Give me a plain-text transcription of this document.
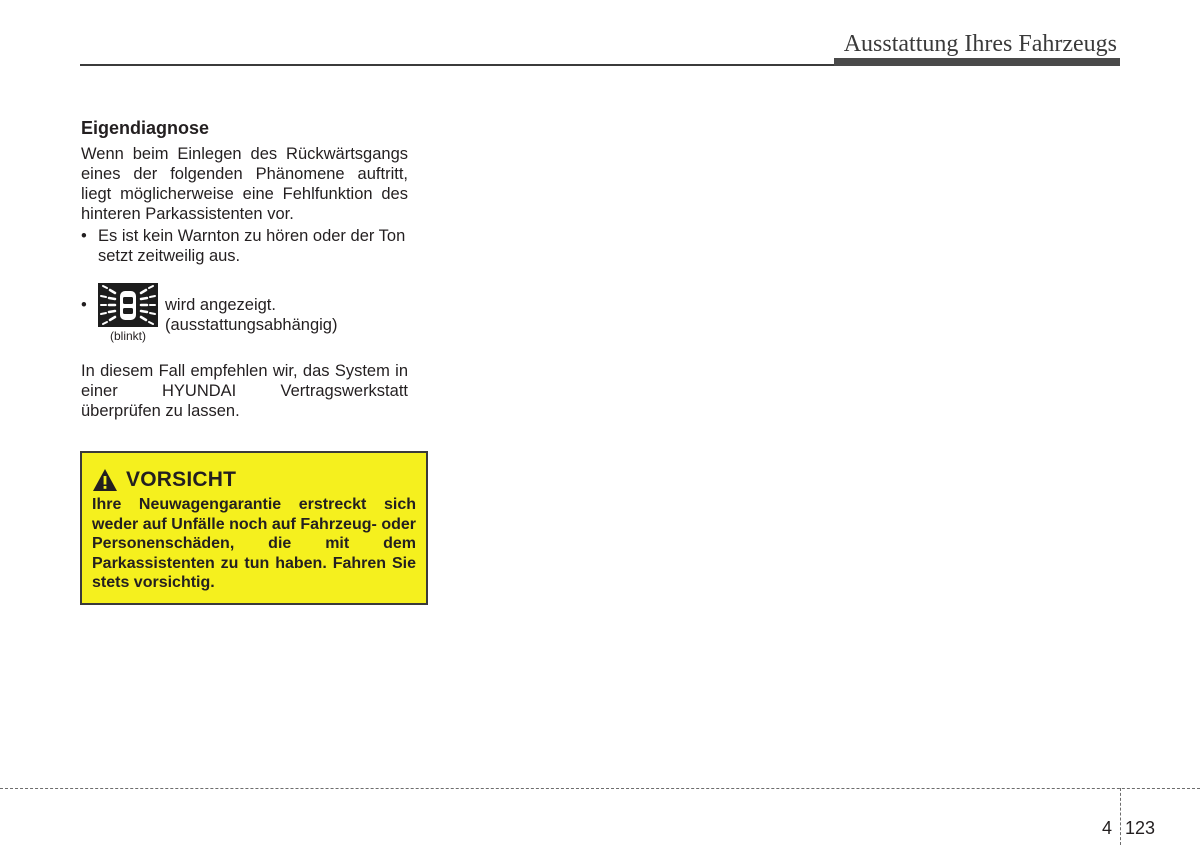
Ausstattung Ihres Fahrzeugs
Eigendiagnose

Wenn beim Einlegen des Rückwärtsgangs eines der folgenden Phänomene auftritt, liegt möglicherweise eine Fehlfunktion des hinteren Parkassistenten vor.

• Es ist kein Warnton zu hören oder der Ton setzt zeitweilig aus.
•
(blinkt)
wird angezeigt.
(ausstattungsabhängig)

In diesem Fall empfehlen wir, das System in einer HYUNDAI Vertragswerkstatt überprüfen zu lassen.

VORSICHT
Ihre Neuwagengarantie erstreckt sich weder auf Unfälle noch auf Fahrzeug- oder Personenschäden, die mit dem Parkassistenten zu tun haben. Fahren Sie stets vorsichtig.
4 123
